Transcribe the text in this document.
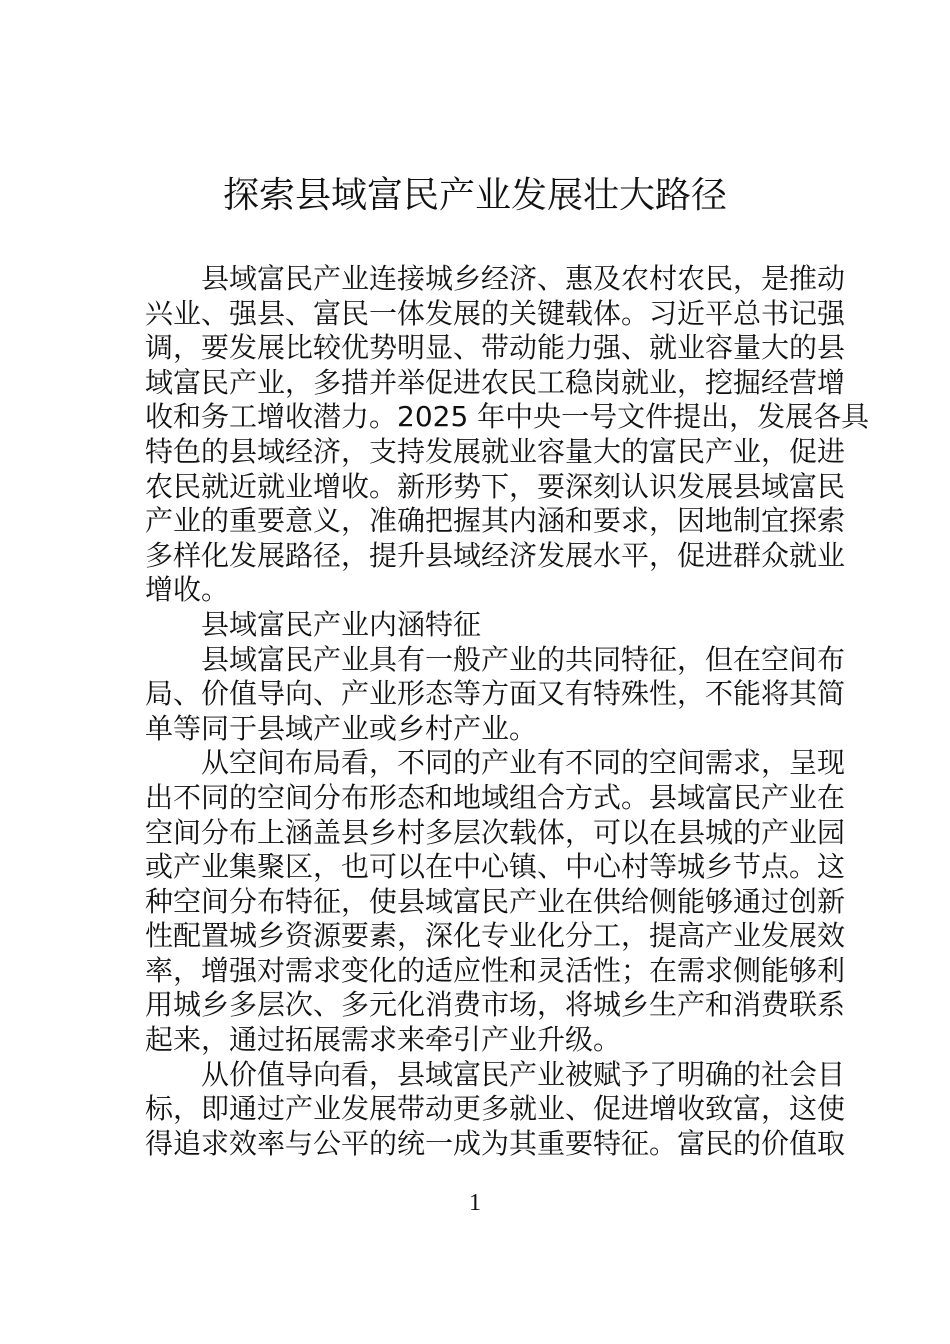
探索县域富民产业发展壮大路径
县域富民产业连接城乡经济、惠及农村农民，是推动
兴业、强县、富民一体发展的关键载体。习近平总书记强
调，要发展比较优势明显、带动能力强、就业容量大的县
域富民产业，多措并举促进农民工稳岗就业，挖掘经营增
收和务工增收潜力。2025 年中央一号文件提出，发展各具
特色的县域经济，支持发展就业容量大的富民产业，促进
农民就近就业增收。新形势下，要深刻认识发展县域富民
产业的重要意义，准确把握其内涵和要求，因地制宜探索
多样化发展路径，提升县域经济发展水平，促进群众就业
增收。
县域富民产业内涵特征
县域富民产业具有一般产业的共同特征，但在空间布
局、价值导向、产业形态等方面又有特殊性，不能将其简
单等同于县域产业或乡村产业。
从空间布局看，不同的产业有不同的空间需求，呈现
出不同的空间分布形态和地域组合方式。县域富民产业在
空间分布上涵盖县乡村多层次载体，可以在县城的产业园
或产业集聚区，也可以在中心镇、中心村等城乡节点。这
种空间分布特征，使县域富民产业在供给侧能够通过创新
性配置城乡资源要素，深化专业化分工，提高产业发展效
率，增强对需求变化的适应性和灵活性；在需求侧能够利
用城乡多层次、多元化消费市场，将城乡生产和消费联系
起来，通过拓展需求来牵引产业升级。
从价值导向看，县域富民产业被赋予了明确的社会目
标，即通过产业发展带动更多就业、促进增收致富，这使
得追求效率与公平的统一成为其重要特征。富民的价值取
1
